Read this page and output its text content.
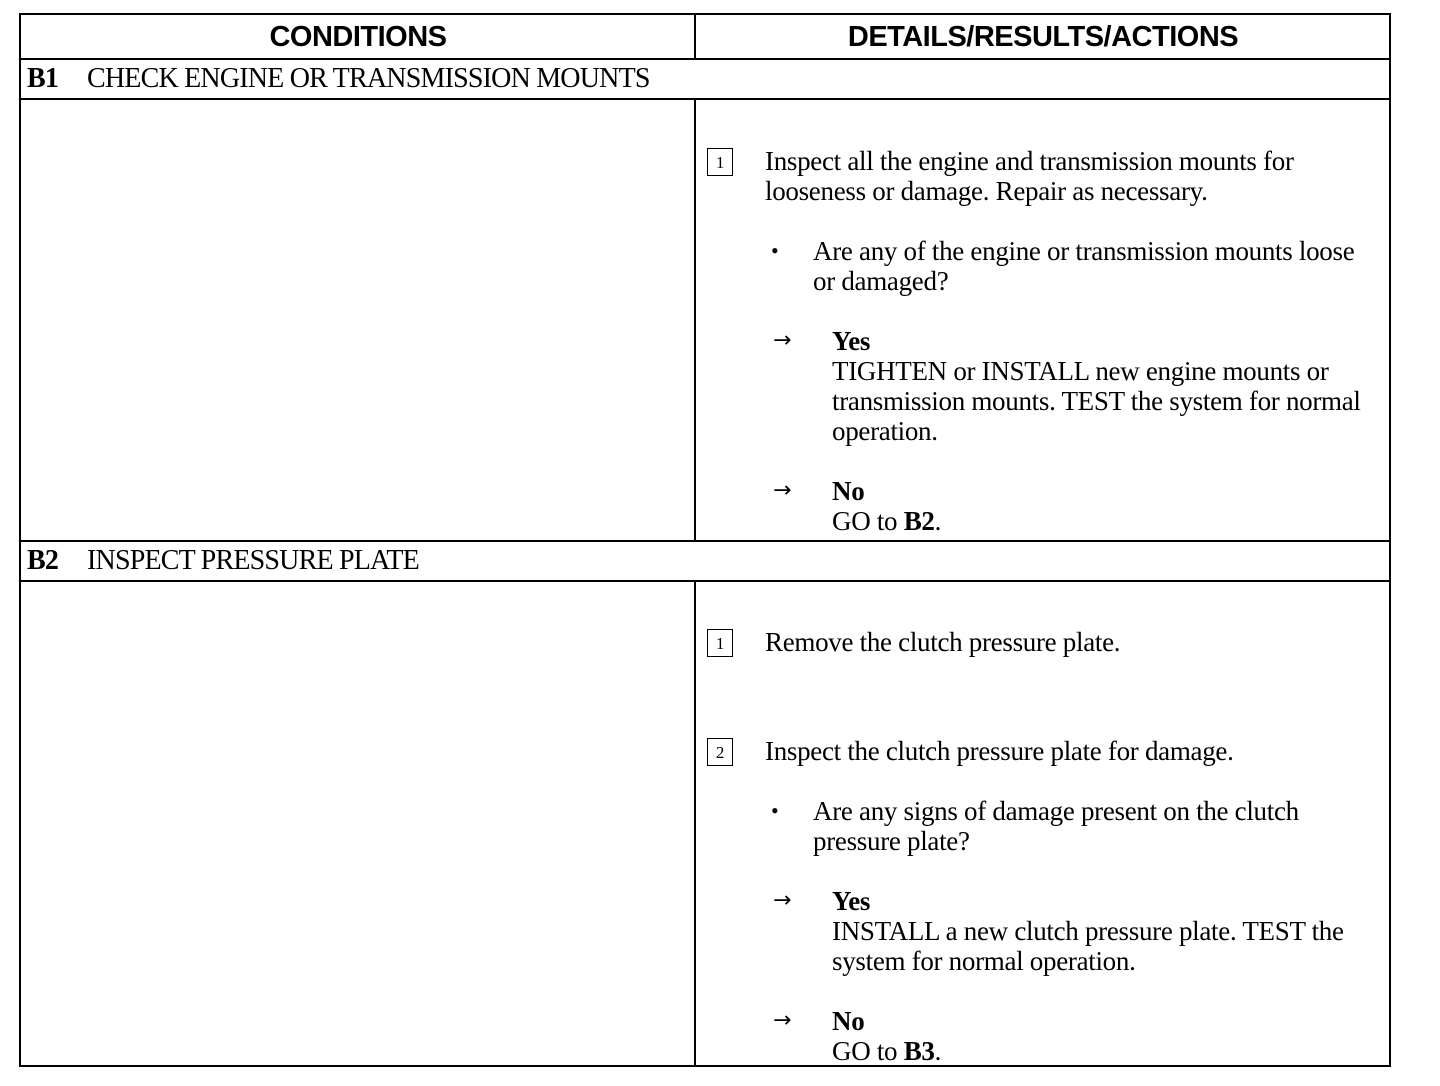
CONDITIONS	DETAILS/RESULTS/ACTIONS
B1	CHECK ENGINE OR TRANSMISSION MOUNTS
1	Inspect all the engine and transmission mounts for looseness or damage. Repair as necessary.
• Are any of the engine or transmission mounts loose or damaged?
→ Yes
TIGHTEN or INSTALL new engine mounts or transmission mounts. TEST the system for normal operation.
→ No
GO to B2.
B2	INSPECT PRESSURE PLATE
1	Remove the clutch pressure plate.
2	Inspect the clutch pressure plate for damage.
• Are any signs of damage present on the clutch pressure plate?
→ Yes
INSTALL a new clutch pressure plate. TEST the system for normal operation.
→ No
GO to B3.
